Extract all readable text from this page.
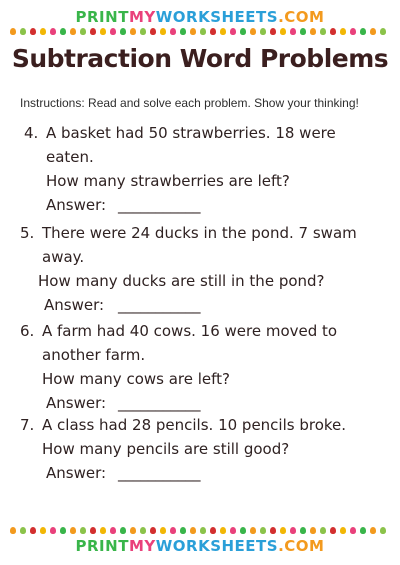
PRINTMYWORKSHEETS.COM
Subtraction Word Problems
Instructions: Read and solve each problem. Show your thinking!
4. A basket had 50 strawberries. 18 were
eaten.
How many strawberries are left?
Answer: ___________
5. There were 24 ducks in the pond. 7 swam
away.
How many ducks are still in the pond?
Answer: ___________
6. A farm had 40 cows. 16 were moved to
another farm.
How many cows are left?
Answer: ___________
7. A class had 28 pencils. 10 pencils broke.
How many pencils are still good?
Answer: ___________
PRINTMYWORKSHEETS.COM
